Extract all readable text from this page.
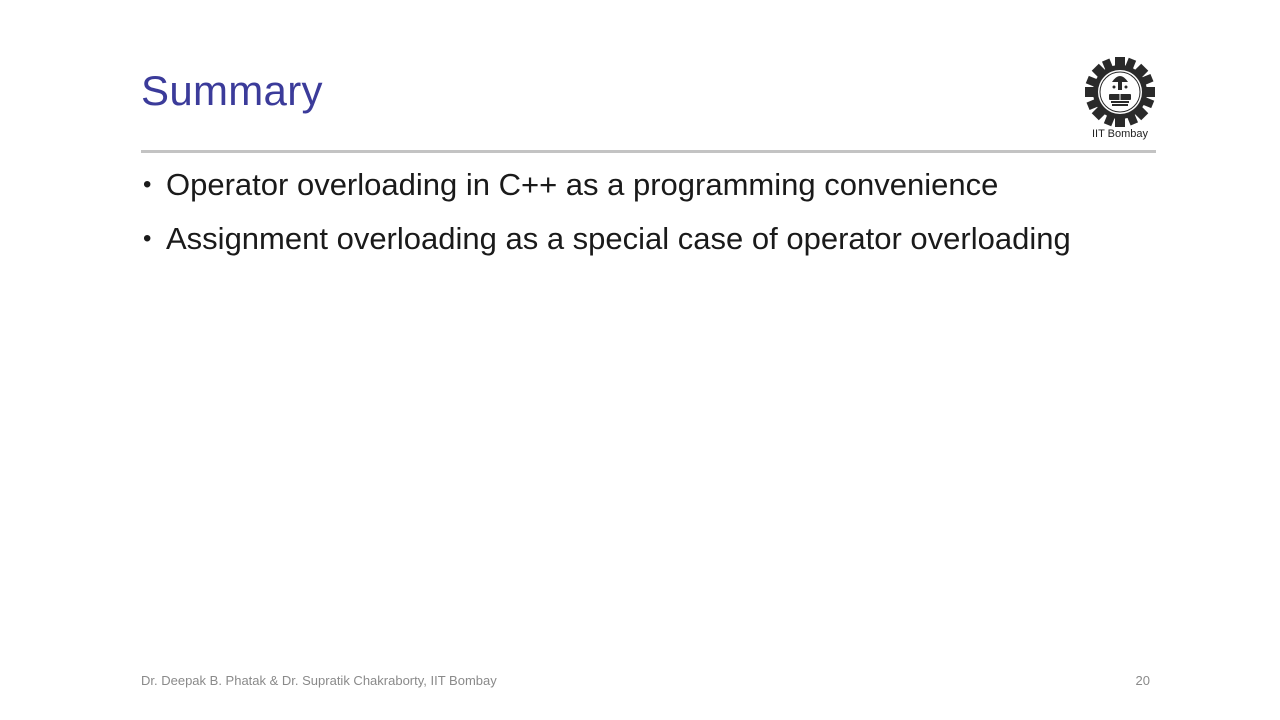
Summary
IIT Bombay
• Operator overloading in C++ as a programming convenience
• Assignment overloading as a special case of operator overloading
Dr. Deepak B. Phatak & Dr. Supratik Chakraborty, IIT Bombay	20
